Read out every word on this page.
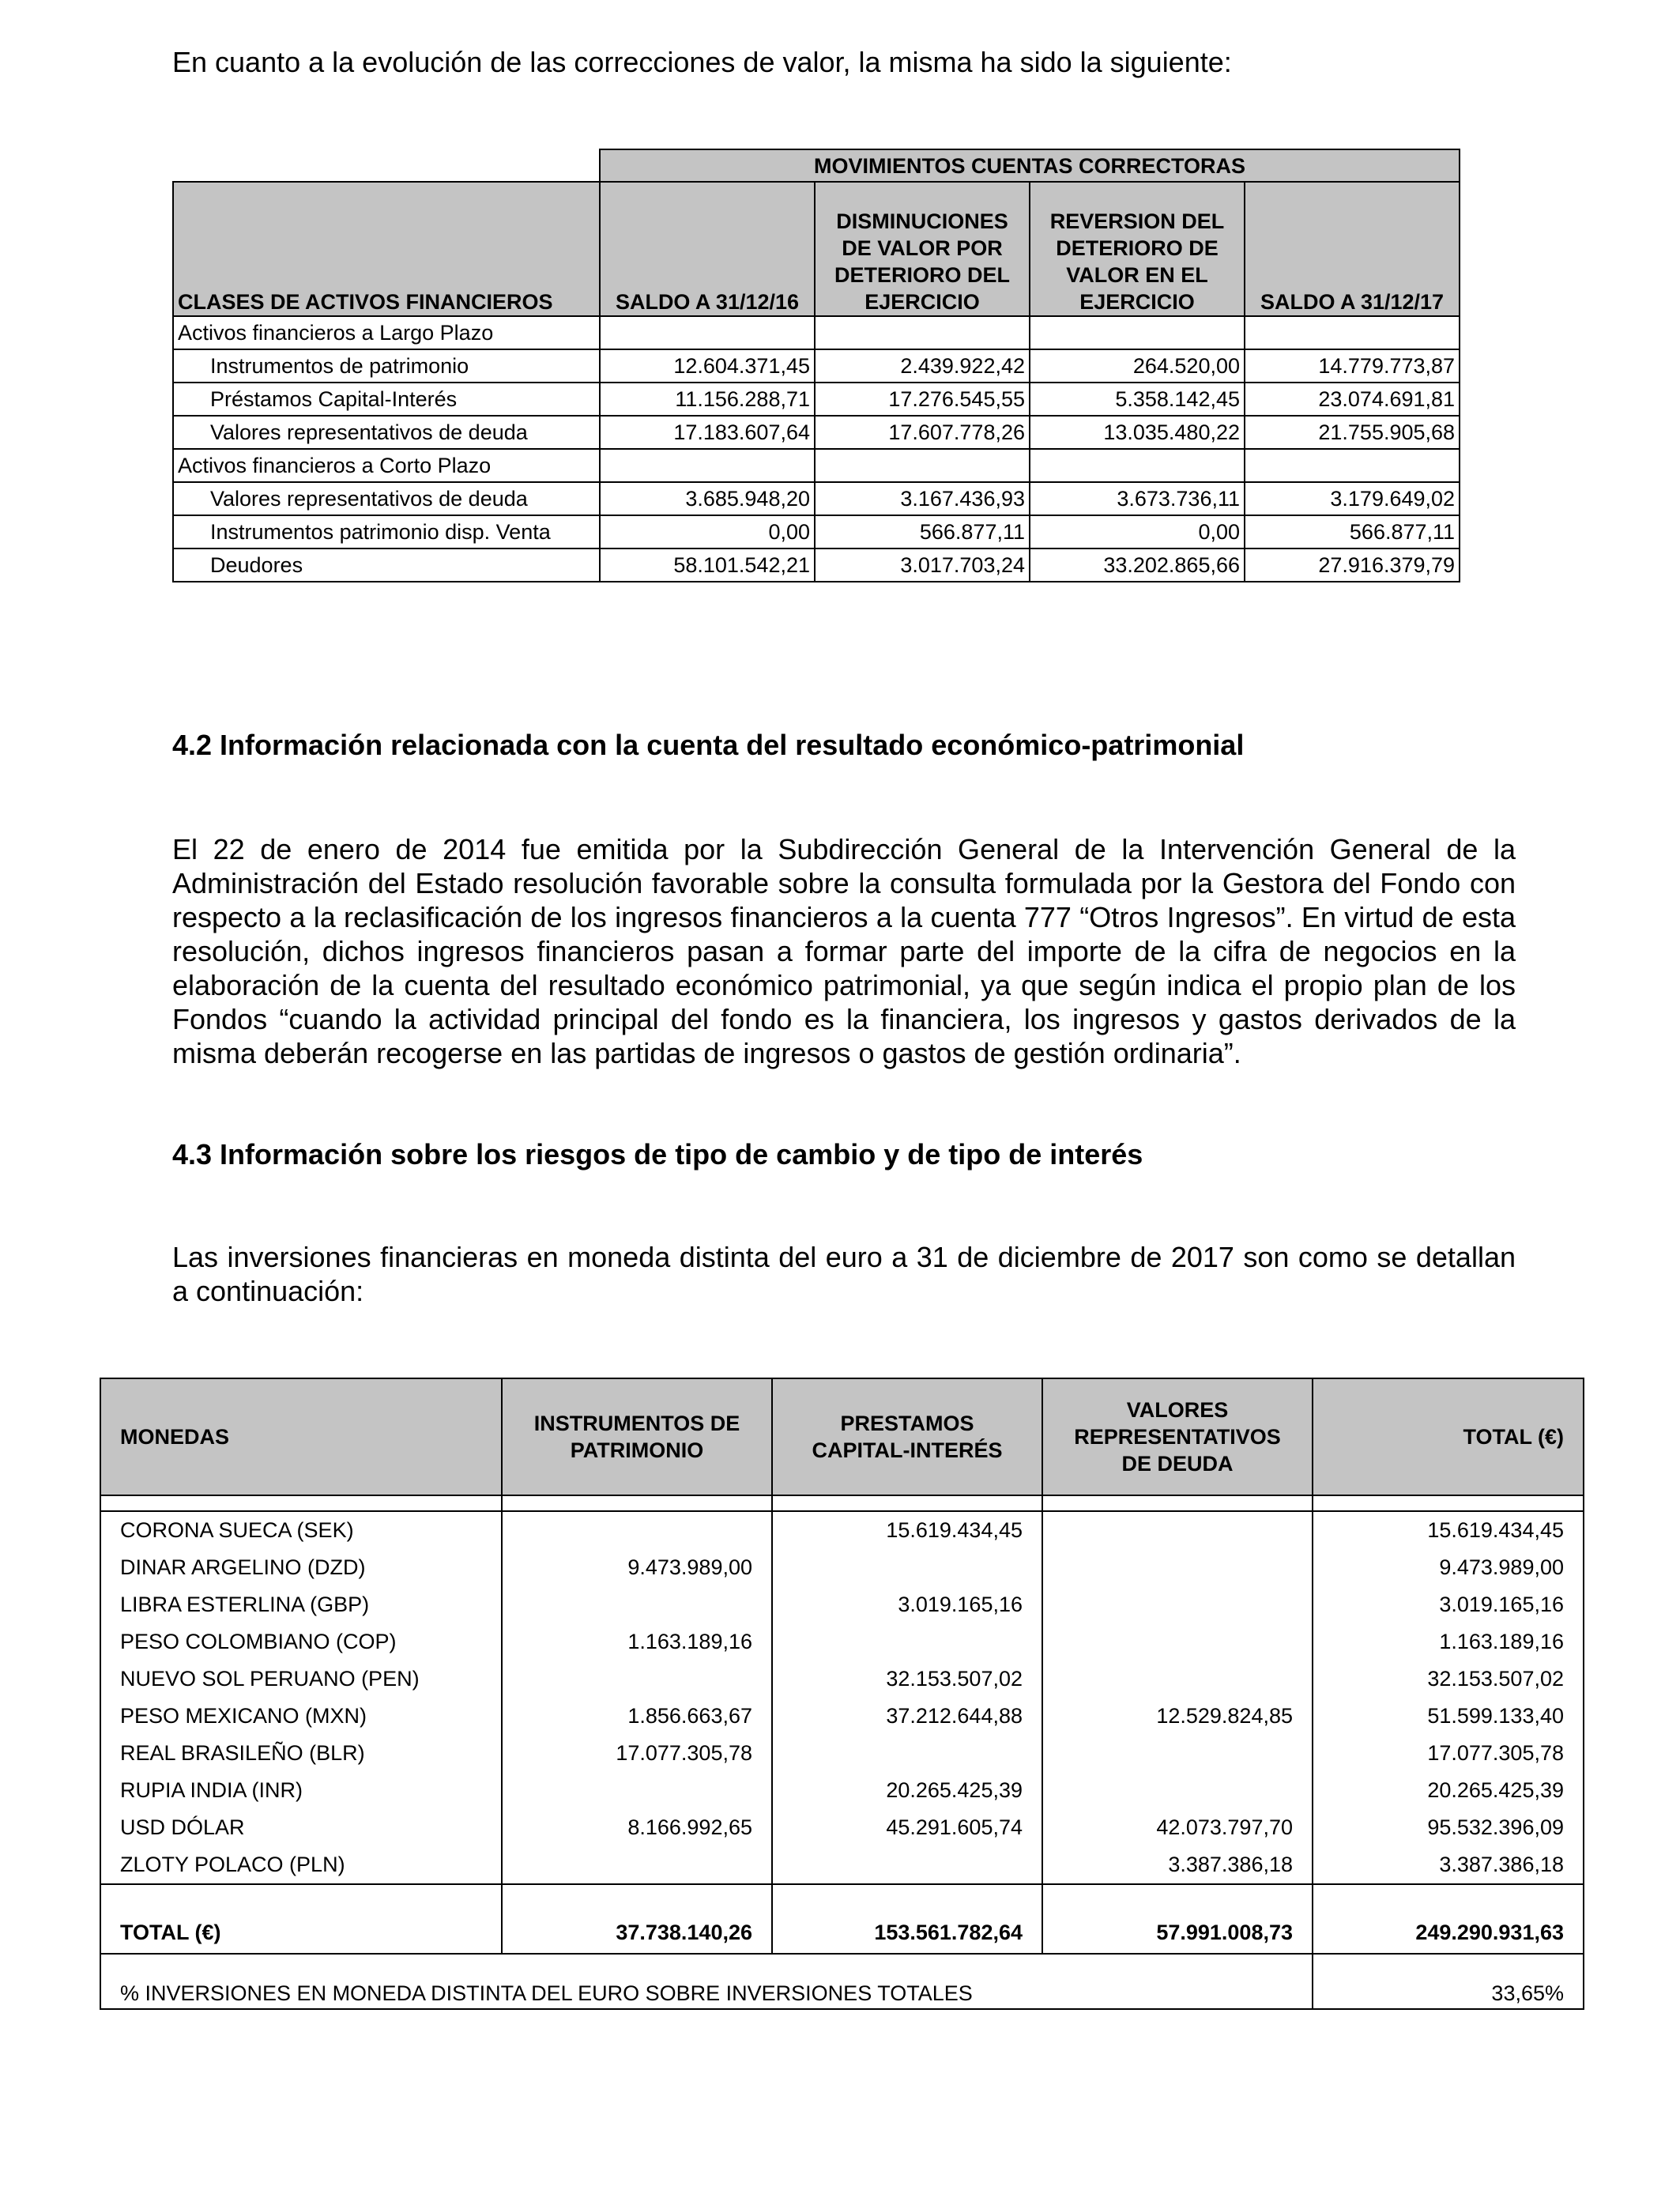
En cuanto a la evolución de las correcciones de valor, la misma ha sido la siguiente:
	MOVIMIENTOS CUENTAS CORRECTORAS			
CLASES DE ACTIVOS FINANCIEROS	SALDO A 31/12/16	DISMINUCIONES DE VALOR POR DETERIORO DEL EJERCICIO	REVERSION DEL DETERIORO DE VALOR EN EL EJERCICIO	SALDO A 31/12/17
Activos financieros a Largo Plazo				
Instrumentos de patrimonio	12.604.371,45	2.439.922,42	264.520,00	14.779.773,87
Préstamos Capital-Interés	11.156.288,71	17.276.545,55	5.358.142,45	23.074.691,81
Valores representativos de deuda	17.183.607,64	17.607.778,26	13.035.480,22	21.755.905,68
Activos financieros a Corto Plazo				
Valores representativos de deuda	3.685.948,20	3.167.436,93	3.673.736,11	3.179.649,02
Instrumentos patrimonio disp. Venta	0,00	566.877,11	0,00	566.877,11
Deudores	58.101.542,21	3.017.703,24	33.202.865,66	27.916.379,79
4.2 Información relacionada con la cuenta del resultado económico-patrimonial

El 22 de enero de 2014 fue emitida por la Subdirección General de la Intervención General de la Administración del Estado resolución favorable sobre la consulta formulada por la Gestora del Fondo con respecto a la reclasificación de los ingresos financieros a la cuenta 777 “Otros Ingresos”. En virtud de esta resolución, dichos ingresos financieros pasan a formar parte del importe de la cifra de negocios en la elaboración de la cuenta del resultado económico patrimonial, ya que según indica el propio plan de los Fondos “cuando la actividad principal del fondo es la financiera, los ingresos y gastos derivados de la misma deberán recogerse en las partidas de ingresos o gastos de gestión ordinaria”.

4.3 Información sobre los riesgos de tipo de cambio y de tipo de interés

Las inversiones financieras en moneda distinta del euro a 31 de diciembre de 2017 son como se detallan a continuación:

MONEDAS	INSTRUMENTOS DE PATRIMONIO	PRESTAMOS CAPITAL-INTERÉS	VALORES REPRESENTATIVOS DE DEUDA	TOTAL (€)

CORONA SUECA (SEK)		15.619.434,45		15.619.434,45
DINAR ARGELINO (DZD)	9.473.989,00			9.473.989,00
LIBRA ESTERLINA (GBP)		3.019.165,16		3.019.165,16
PESO COLOMBIANO (COP)	1.163.189,16			1.163.189,16
NUEVO SOL PERUANO (PEN)		32.153.507,02		32.153.507,02
PESO MEXICANO (MXN)	1.856.663,67	37.212.644,88	12.529.824,85	51.599.133,40
REAL BRASILEÑO (BLR)	17.077.305,78			17.077.305,78
RUPIA INDIA (INR)		20.265.425,39		20.265.425,39
USD DÓLAR	8.166.992,65	45.291.605,74	42.073.797,70	95.532.396,09
ZLOTY POLACO (PLN)			3.387.386,18	3.387.386,18
TOTAL (€)	37.738.140,26	153.561.782,64	57.991.008,73	249.290.931,63
% INVERSIONES EN MONEDA DISTINTA DEL EURO SOBRE INVERSIONES TOTALES				33,65%
